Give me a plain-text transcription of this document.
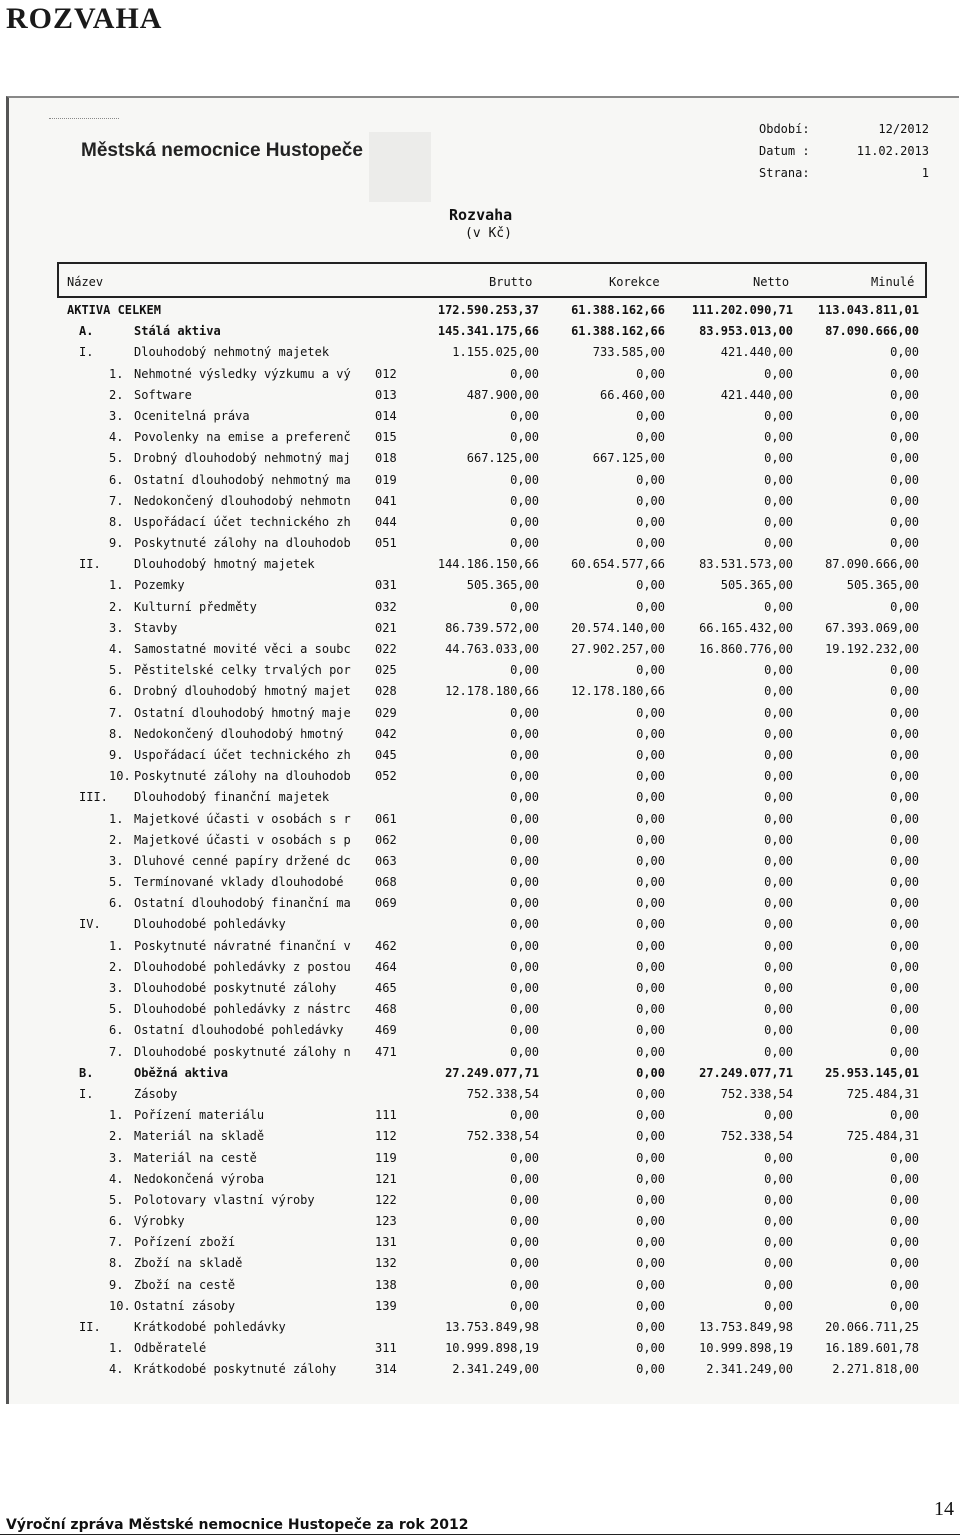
ROZVAHA
Městská nemocnice Hustopeče
Období:	12/2012
Datum :	11.02.2013
Strana:	1
Rozvaha
(v Kč)
Název	Brutto	Korekce	Netto	Minulé
AKTIVA CELKEM	172.590.253,37	61.388.162,66	111.202.090,71	113.043.811,01
A.	Stálá aktiva	145.341.175,66	61.388.162,66	83.953.013,00	87.090.666,00
I.	Dlouhodobý nehmotný majetek	1.155.025,00	733.585,00	421.440,00	0,00
1. Nehmotné výsledky výzkumu a vý	012	0,00	0,00	0,00	0,00
2. Software	013	487.900,00	66.460,00	421.440,00	0,00
3. Ocenitelná práva	014	0,00	0,00	0,00	0,00
4. Povolenky na emise a preferenč	015	0,00	0,00	0,00	0,00
5. Drobný dlouhodobý nehmotný maj	018	667.125,00	667.125,00	0,00	0,00
6. Ostatní dlouhodobý nehmotný ma	019	0,00	0,00	0,00	0,00
7. Nedokončený dlouhodobý nehmotn	041	0,00	0,00	0,00	0,00
8. Uspořádací účet technického zh	044	0,00	0,00	0,00	0,00
9. Poskytnuté zálohy na dlouhodob	051	0,00	0,00	0,00	0,00
II.	Dlouhodobý hmotný majetek	144.186.150,66	60.654.577,66	83.531.573,00	87.090.666,00
1. Pozemky	031	505.365,00	0,00	505.365,00	505.365,00
2. Kulturní předměty	032	0,00	0,00	0,00	0,00
3. Stavby	021	86.739.572,00	20.574.140,00	66.165.432,00	67.393.069,00
4. Samostatné movité věci a soubc	022	44.763.033,00	27.902.257,00	16.860.776,00	19.192.232,00
5. Pěstitelské celky trvalých por	025	0,00	0,00	0,00	0,00
6. Drobný dlouhodobý hmotný majet	028	12.178.180,66	12.178.180,66	0,00	0,00
7. Ostatní dlouhodobý hmotný maje	029	0,00	0,00	0,00	0,00
8. Nedokončený dlouhodobý hmotný	042	0,00	0,00	0,00	0,00
9. Uspořádací účet technického zh	045	0,00	0,00	0,00	0,00
10. Poskytnuté zálohy na dlouhodob	052	0,00	0,00	0,00	0,00
III. Dlouhodobý finanční majetek	0,00	0,00	0,00	0,00
1. Majetkové účasti v osobách s r	061	0,00	0,00	0,00	0,00
2. Majetkové účasti v osobách s p	062	0,00	0,00	0,00	0,00
3. Dluhové cenné papíry držené dc	063	0,00	0,00	0,00	0,00
5. Termínované vklady dlouhodobé	068	0,00	0,00	0,00	0,00
6. Ostatní dlouhodobý finanční ma	069	0,00	0,00	0,00	0,00
IV.	Dlouhodobé pohledávky	0,00	0,00	0,00	0,00
1. Poskytnuté návratné finanční v	462	0,00	0,00	0,00	0,00
2. Dlouhodobé pohledávky z postou	464	0,00	0,00	0,00	0,00
3. Dlouhodobé poskytnuté zálohy	465	0,00	0,00	0,00	0,00
5. Dlouhodobé pohledávky z nástrc	468	0,00	0,00	0,00	0,00
6. Ostatní dlouhodobé pohledávky	469	0,00	0,00	0,00	0,00
7. Dlouhodobé poskytnuté zálohy n	471	0,00	0,00	0,00	0,00
B.	Oběžná aktiva	27.249.077,71	0,00	27.249.077,71	25.953.145,01
I.	Zásoby	752.338,54	0,00	752.338,54	725.484,31
1. Pořízení materiálu	111	0,00	0,00	0,00	0,00
2. Materiál na skladě	112	752.338,54	0,00	752.338,54	725.484,31
3. Materiál na cestě	119	0,00	0,00	0,00	0,00
4. Nedokončená výroba	121	0,00	0,00	0,00	0,00
5. Polotovary vlastní výroby	122	0,00	0,00	0,00	0,00
6. Výrobky	123	0,00	0,00	0,00	0,00
7. Pořízení zboží	131	0,00	0,00	0,00	0,00
8. Zboží na skladě	132	0,00	0,00	0,00	0,00
9. Zboží na cestě	138	0,00	0,00	0,00	0,00
10. Ostatní zásoby	139	0,00	0,00	0,00	0,00
II.	Krátkodobé pohledávky	13.753.849,98	0,00	13.753.849,98	20.066.711,25
1. Odběratelé	311	10.999.898,19	0,00	10.999.898,19	16.189.601,78
4. Krátkodobé poskytnuté zálohy	314	2.341.249,00	0,00	2.341.249,00	2.271.818,00
Výroční zpráva Městské nemocnice Hustopeče za rok 2012
14
